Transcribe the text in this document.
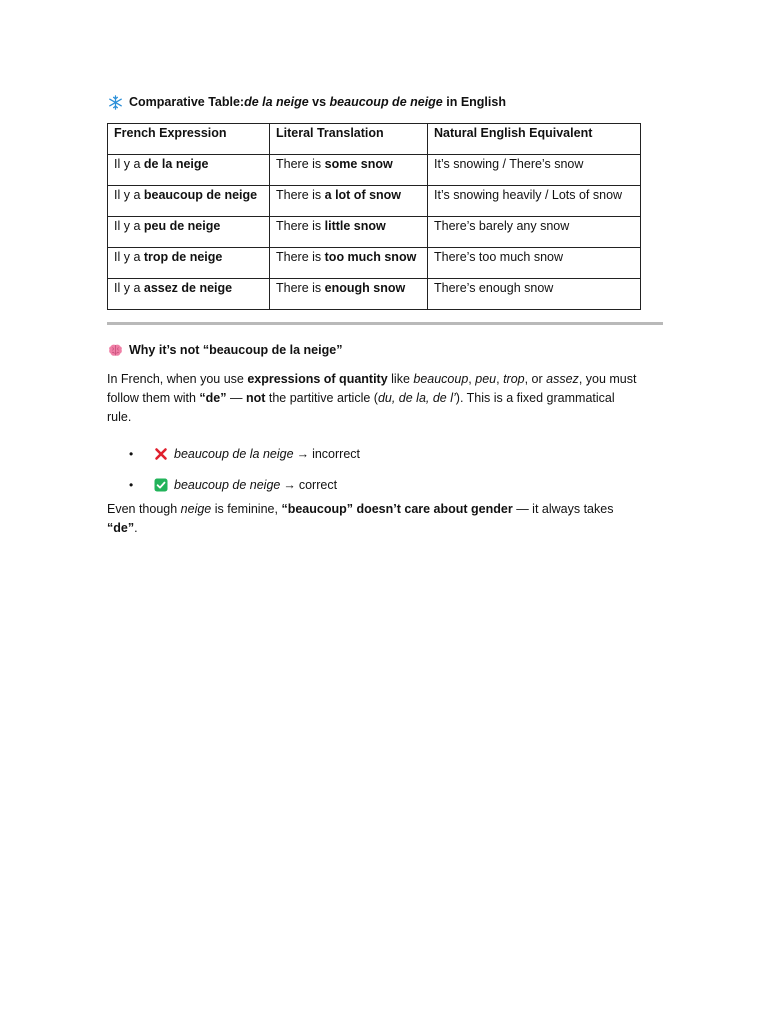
Comparative Table: de la neige vs beaucoup de neige in English
French Expression	Literal Translation	Natural English Equivalent
Il y a de la neige	There is some snow	It’s snowing / There’s snow
Il y a beaucoup de neige	There is a lot of snow	It’s snowing heavily / Lots of snow
Il y a peu de neige	There is little snow	There’s barely any snow
Il y a trop de neige	There is too much snow	There’s too much snow
Il y a assez de neige	There is enough snow	There’s enough snow
Why it’s not “beaucoup de la neige”

In French, when you use expressions of quantity like beaucoup, peu, trop, or assez, you must follow them with “de” — not the partitive article (du, de la, de l’). This is a fixed grammatical rule.

•	beaucoup de la neige → incorrect
•	beaucoup de neige → correct

Even though neige is feminine, “beaucoup” doesn’t care about gender — it always takes “de”.
